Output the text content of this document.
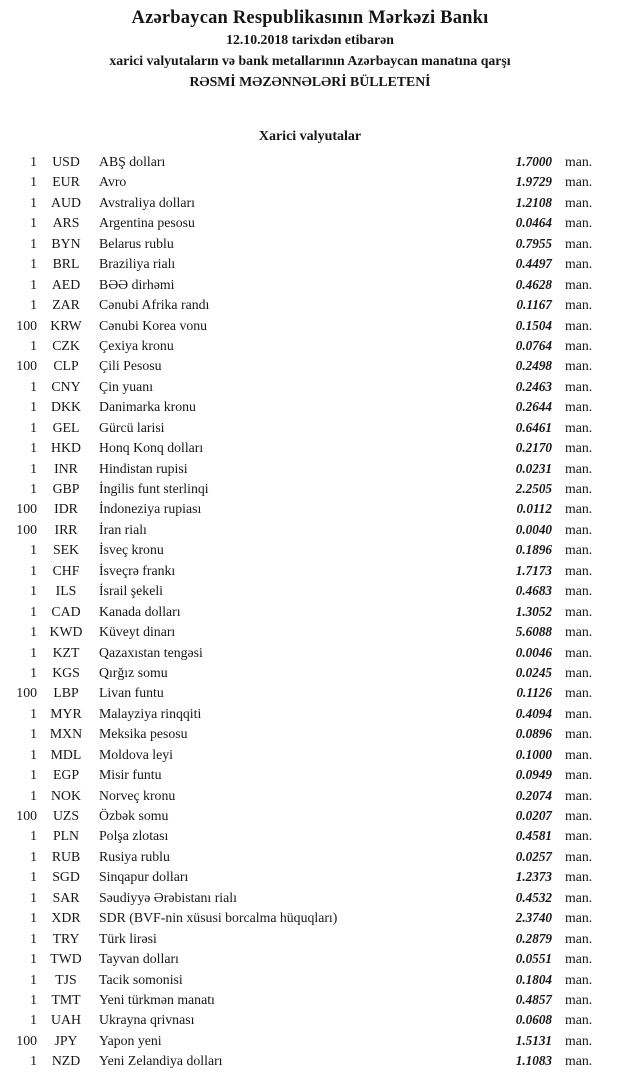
Azərbaycan Respublikasının Mərkəzi Bankı
12.10.2018 tarixdən etibarən
xarici valyutaların və bank metallarının Azərbaycan manatına qarşı
RƏSMİ MƏZƏNNƏLƏRİ BÜLLETENİ
Xarici valyutalar
1	USD	ABŞ dolları	1.7000 man.
1	EUR	Avro	1.9729 man.
1	AUD	Avstraliya dolları	1.2108 man.
1	ARS	Argentina pesosu	0.0464 man.
1	BYN	Belarus rublu	0.7955 man.
1	BRL	Braziliya rialı	0.4497 man.
1	AED	BƏƏ dirhəmi	0.4628 man.
1	ZAR	Cənubi Afrika randı	0.1167 man.
100 KRW	Cənubi Korea vonu	0.1504 man.
1	CZK	Çexiya kronu	0.0764 man.
100	CLP	Çili Pesosu	0.2498 man.
1	CNY	Çin yuanı	0.2463 man.
1	DKK	Danimarka kronu	0.2644 man.
1	GEL	Gürcü larisi	0.6461 man.
1	HKD	Honq Konq dolları	0.2170 man.
1	INR	Hindistan rupisi	0.0231 man.
1	GBP	İngilis funt sterlinqi	2.2505 man.
100	IDR	İndoneziya rupiası	0.0112 man.
100	IRR	İran rialı	0.0040 man.
1	SEK	İsveç kronu	0.1896 man.
1	CHF	İsveçrə frankı	1.7173 man.
1	ILS	İsrail şekeli	0.4683 man.
1	CAD	Kanada dolları	1.3052 man.
1 KWD	Küveyt dinarı	5.6088 man.
1	KZT	Qazaxıstan tengəsi	0.0046 man.
1	KGS	Qırğız somu	0.0245 man.
100	LBP	Livan funtu	0.1126 man.
1 MYR	Malayziya rinqqiti	0.4094 man.
1 MXN	Meksika pesosu	0.0896 man.
1 MDL	Moldova leyi	0.1000 man.
1	EGP	Misir funtu	0.0949 man.
1	NOK	Norveç kronu	0.2074 man.
100	UZS	Özbək somu	0.0207 man.
1	PLN	Polşa zlotası	0.4581 man.
1	RUB	Rusiya rublu	0.0257 man.
1	SGD	Sinqapur dolları	1.2373 man.
1	SAR	Səudiyyə Ərəbistanı rialı	0.4532 man.
1	XDR	SDR (BVF-nin xüsusi borcalma hüquqları)	2.3740 man.
1	TRY	Türk lirəsi	0.2879 man.
1 TWD	Tayvan dolları	0.0551 man.
1	TJS	Tacik somonisi	0.1804 man.
1	TMT	Yeni türkmən manatı	0.4857 man.
1	UAH	Ukrayna qrivnası	0.0608 man.
100	JPY	Yapon yeni	1.5131 man.
1	NZD	Yeni Zelandiya dolları	1.1083 man.
